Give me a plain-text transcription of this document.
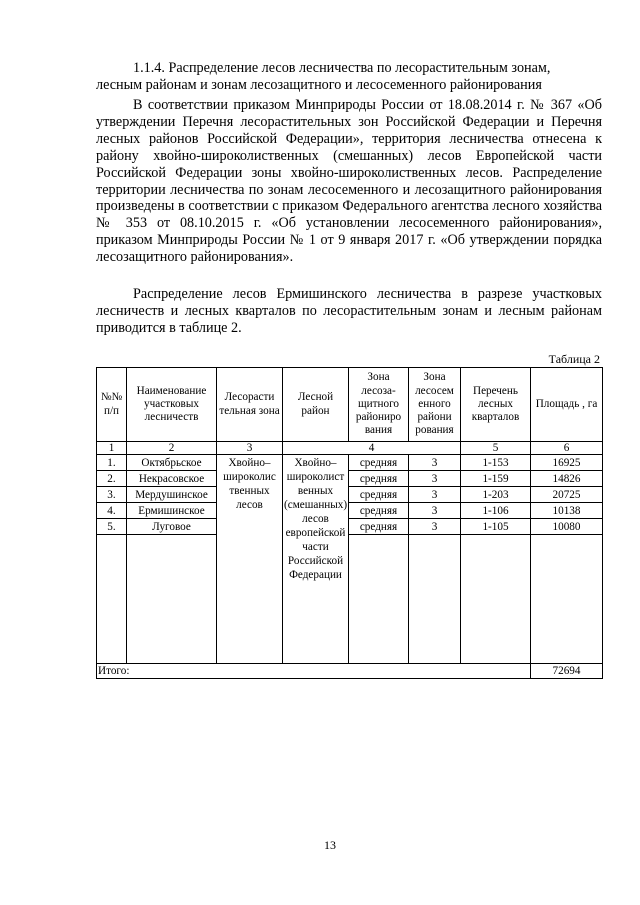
1.1.4. Распределение лесов лесничества по лесорастительным зонам,
лесным районам и зонам лесозащитного и лесосеменного районирования
В соответствии приказом Минприроды России от 18.08.2014 г. № 367 «Об утверждении Перечня лесорастительных зон Российской Федерации и Перечня лесных районов Российской Федерации», территория лесничества отнесена к району хвойно-широколиственных (смешанных) лесов Европейской части Российской Федерации зоны хвойно-широколиственных лесов. Распределение территории лесничества по зонам лесосеменного и лесозащитного районирования произведены в соответствии с приказом Федерального агентства лесного хозяйства № 353 от 08.10.2015 г. «Об установлении лесосеменного районирования», приказом Минприроды России № 1 от 9 января 2017 г. «Об утверждении порядка лесозащитного районирования».
Распределение лесов Ермишинского лесничества в разрезе участковых лесничеств и лесных кварталов по лесорастительным зонам и лесным районам приводится в таблице 2.
Таблица 2
№№ п/п	Наименование участковых лесничеств	Лесорасти тельная зона	Лесной район	Зона лесоза- щитного райониро вания	Зона лесосем енного райони рования	Перечень лесных кварталов	Площадь , га
1	2	3	4			5	6
1.	Октябрьское	Хвойно– широколис твенных лесов	Хвойно– широколист венных (смешанных) лесов европейской части Российской Федерации	средняя	3	1-153	16925
2.	Некрасовское			средняя	3	1-159	14826
3.	Мердушинское			средняя	3	1-203	20725
4.	Ермишинское			средняя	3	1-106	10138
5.	Луговое			средняя	3	1-105	10080

Итого:							72694
13
